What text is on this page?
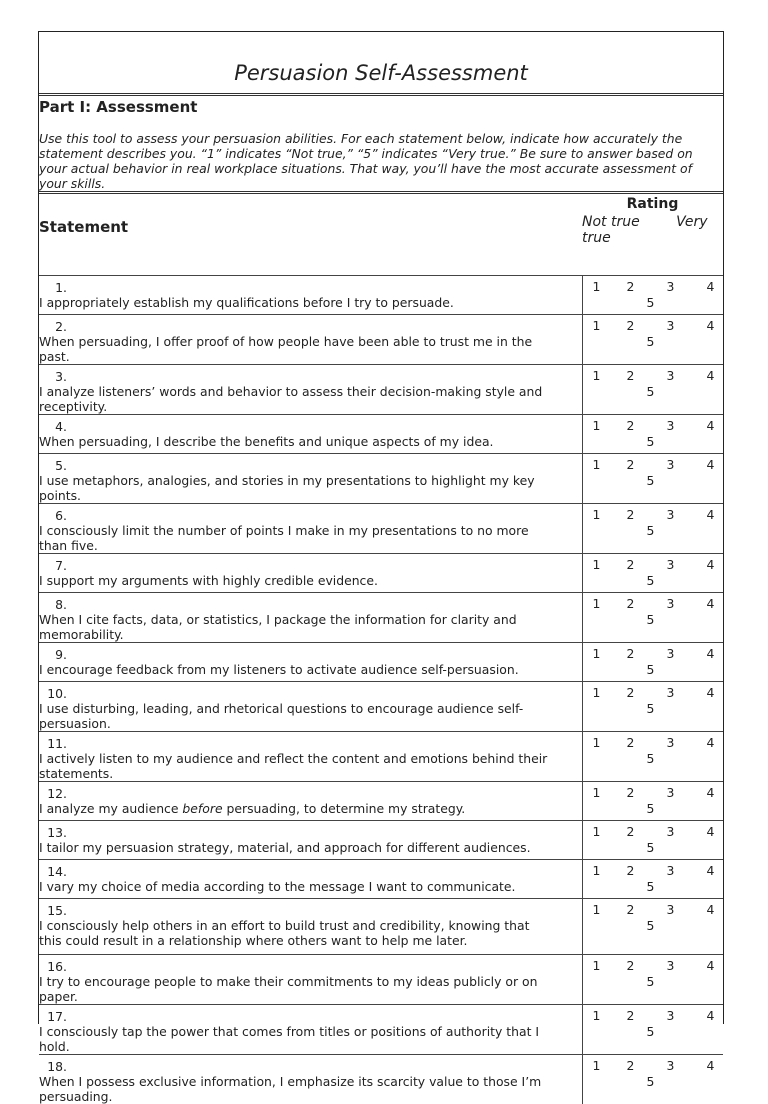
Persuasion Self-Assessment
Part I: Assessment
Use this tool to assess your persuasion abilities. For each statement below, indicate how accurately the statement describes you. “1” indicates “Not true,” “5” indicates “Very true.” Be sure to answer based on your actual behavior in real workplace situations. That way, you’ll have the most accurate assessment of your skills.
Statement	Rating
Not true Very
true

1.I appropriately establish my qualifications before I try to persuade.	1 2 3 4
5

2.When persuading, I offer proof of how people have been able to trust me in the past.	1 2 3 4
5

3.I analyze listeners’ words and behavior to assess their decision-making style and receptivity.	1 2 3 4
5

4.When persuading, I describe the benefits and unique aspects of my idea.	1 2 3 4
5

5.I use metaphors, analogies, and stories in my presentations to highlight my key points.	1 2 3 4
5

6.I consciously limit the number of points I make in my presentations to no more than five.	1 2 3 4
5

7.I support my arguments with highly credible evidence.	1 2 3 4
5

8.When I cite facts, data, or statistics, I package the information for clarity and memorability.	1 2 3 4
5

9.I encourage feedback from my listeners to activate audience self-persuasion.	1 2 3 4
5

10.I use disturbing, leading, and rhetorical questions to encourage audience self-persuasion.	1 2 3 4
5

11.I actively listen to my audience and reflect the content and emotions behind their statements.	1 2 3 4
5

12.I analyze my audience before persuading, to determine my strategy.	1 2 3 4
5

13.I tailor my persuasion strategy, material, and approach for different audiences.	1 2 3 4
5

14.I vary my choice of media according to the message I want to communicate.	1 2 3 4
5

15.I consciously help others in an effort to build trust and credibility, knowing that this could result in a relationship where others want to help me later.	1 2 3 4
5

16.I try to encourage people to make their commitments to my ideas publicly or on paper.	1 2 3 4
5

17.I consciously tap the power that comes from titles or positions of authority that I hold.	1 2 3 4
5

18.When I possess exclusive information, I emphasize its scarcity value to those I’m persuading.	1 2 3 4
5
